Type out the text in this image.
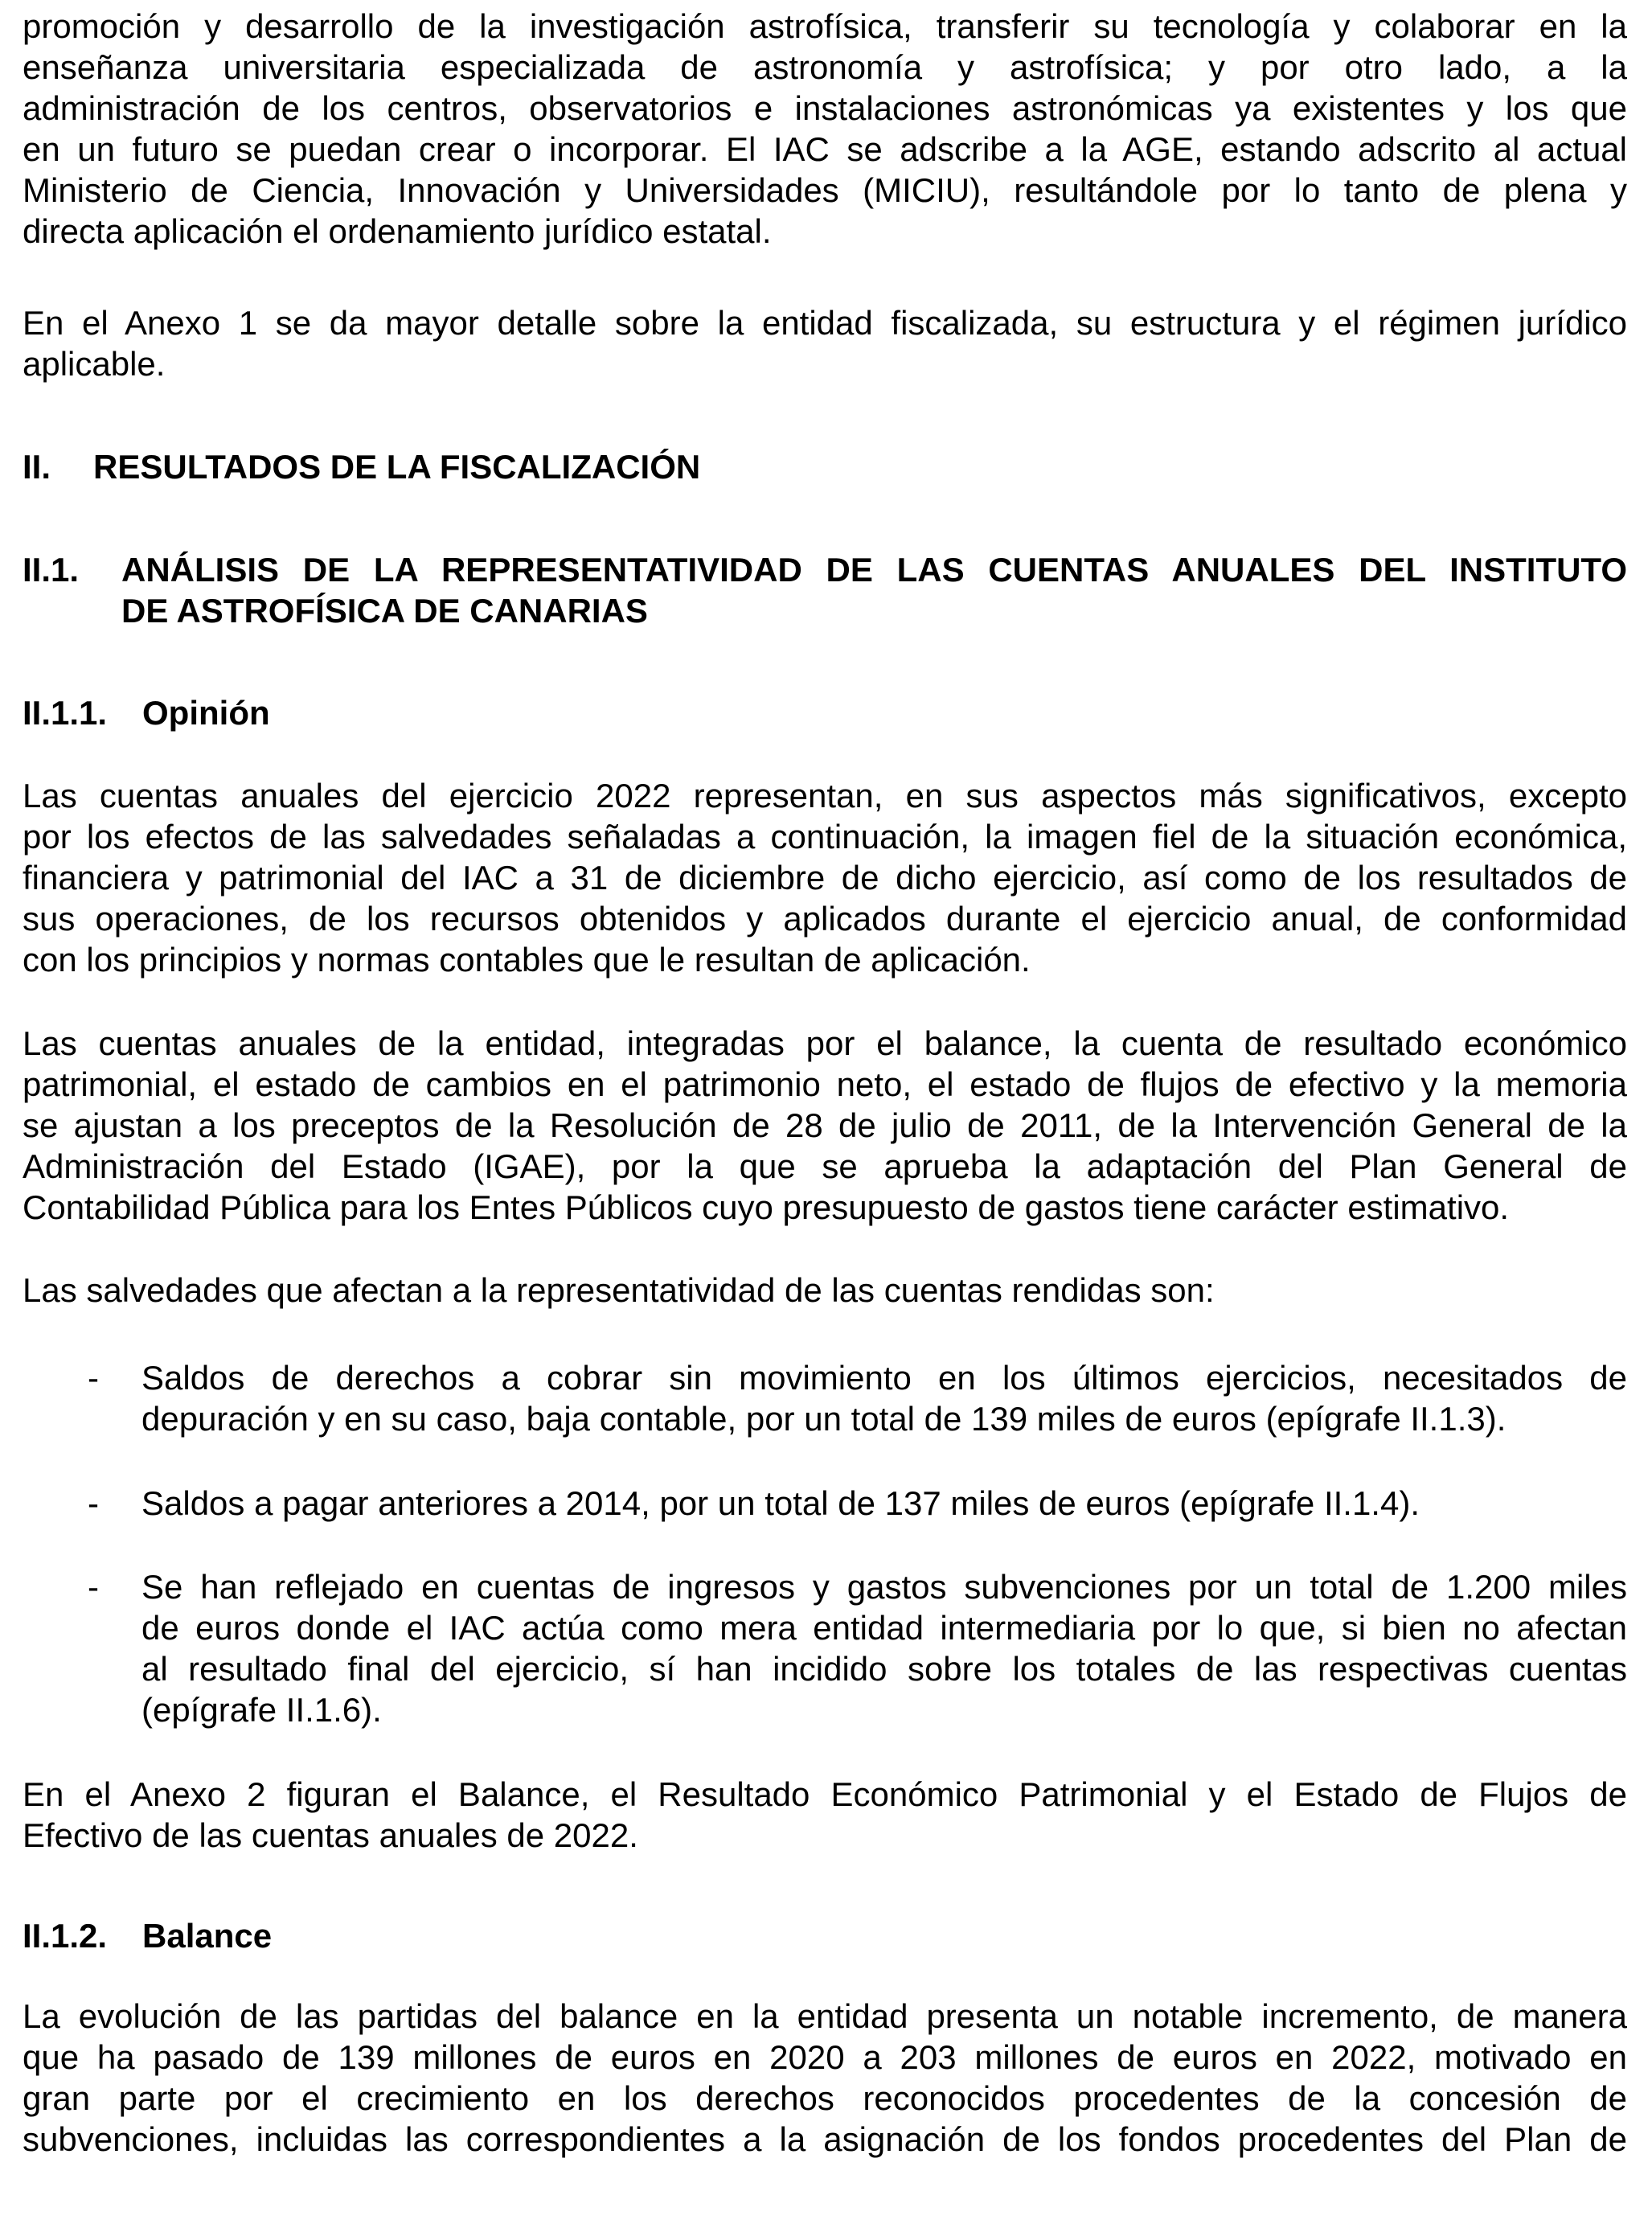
promoción y desarrollo de la investigación astrofísica, transferir su tecnología y colaborar en la
enseñanza universitaria especializada de astronomía y astrofísica; y por otro lado, a la
administración de los centros, observatorios e instalaciones astronómicas ya existentes y los que
en un futuro se puedan crear o incorporar. El IAC se adscribe a la AGE, estando adscrito al actual
Ministerio de Ciencia, Innovación y Universidades (MICIU), resultándole por lo tanto de plena y
directa aplicación el ordenamiento jurídico estatal.
En el Anexo 1 se da mayor detalle sobre la entidad fiscalizada, su estructura y el régimen jurídico
aplicable.
II. RESULTADOS DE LA FISCALIZACIÓN
II.1. ANÁLISIS DE LA REPRESENTATIVIDAD DE LAS CUENTAS ANUALES DEL INSTITUTO
DE ASTROFÍSICA DE CANARIAS
II.1.1. Opinión
Las cuentas anuales del ejercicio 2022 representan, en sus aspectos más significativos, excepto
por los efectos de las salvedades señaladas a continuación, la imagen fiel de la situación económica,
financiera y patrimonial del IAC a 31 de diciembre de dicho ejercicio, así como de los resultados de
sus operaciones, de los recursos obtenidos y aplicados durante el ejercicio anual, de conformidad
con los principios y normas contables que le resultan de aplicación.
Las cuentas anuales de la entidad, integradas por el balance, la cuenta de resultado económico
patrimonial, el estado de cambios en el patrimonio neto, el estado de flujos de efectivo y la memoria
se ajustan a los preceptos de la Resolución de 28 de julio de 2011, de la Intervención General de la
Administración del Estado (IGAE), por la que se aprueba la adaptación del Plan General de
Contabilidad Pública para los Entes Públicos cuyo presupuesto de gastos tiene carácter estimativo.
Las salvedades que afectan a la representatividad de las cuentas rendidas son:
- Saldos de derechos a cobrar sin movimiento en los últimos ejercicios, necesitados de
depuración y en su caso, baja contable, por un total de 139 miles de euros (epígrafe II.1.3).
- Saldos a pagar anteriores a 2014, por un total de 137 miles de euros (epígrafe II.1.4).
- Se han reflejado en cuentas de ingresos y gastos subvenciones por un total de 1.200 miles
de euros donde el IAC actúa como mera entidad intermediaria por lo que, si bien no afectan
al resultado final del ejercicio, sí han incidido sobre los totales de las respectivas cuentas
(epígrafe II.1.6).
En el Anexo 2 figuran el Balance, el Resultado Económico Patrimonial y el Estado de Flujos de
Efectivo de las cuentas anuales de 2022.
II.1.2. Balance
La evolución de las partidas del balance en la entidad presenta un notable incremento, de manera
que ha pasado de 139 millones de euros en 2020 a 203 millones de euros en 2022, motivado en
gran parte por el crecimiento en los derechos reconocidos procedentes de la concesión de
subvenciones, incluidas las correspondientes a la asignación de los fondos procedentes del Plan de
